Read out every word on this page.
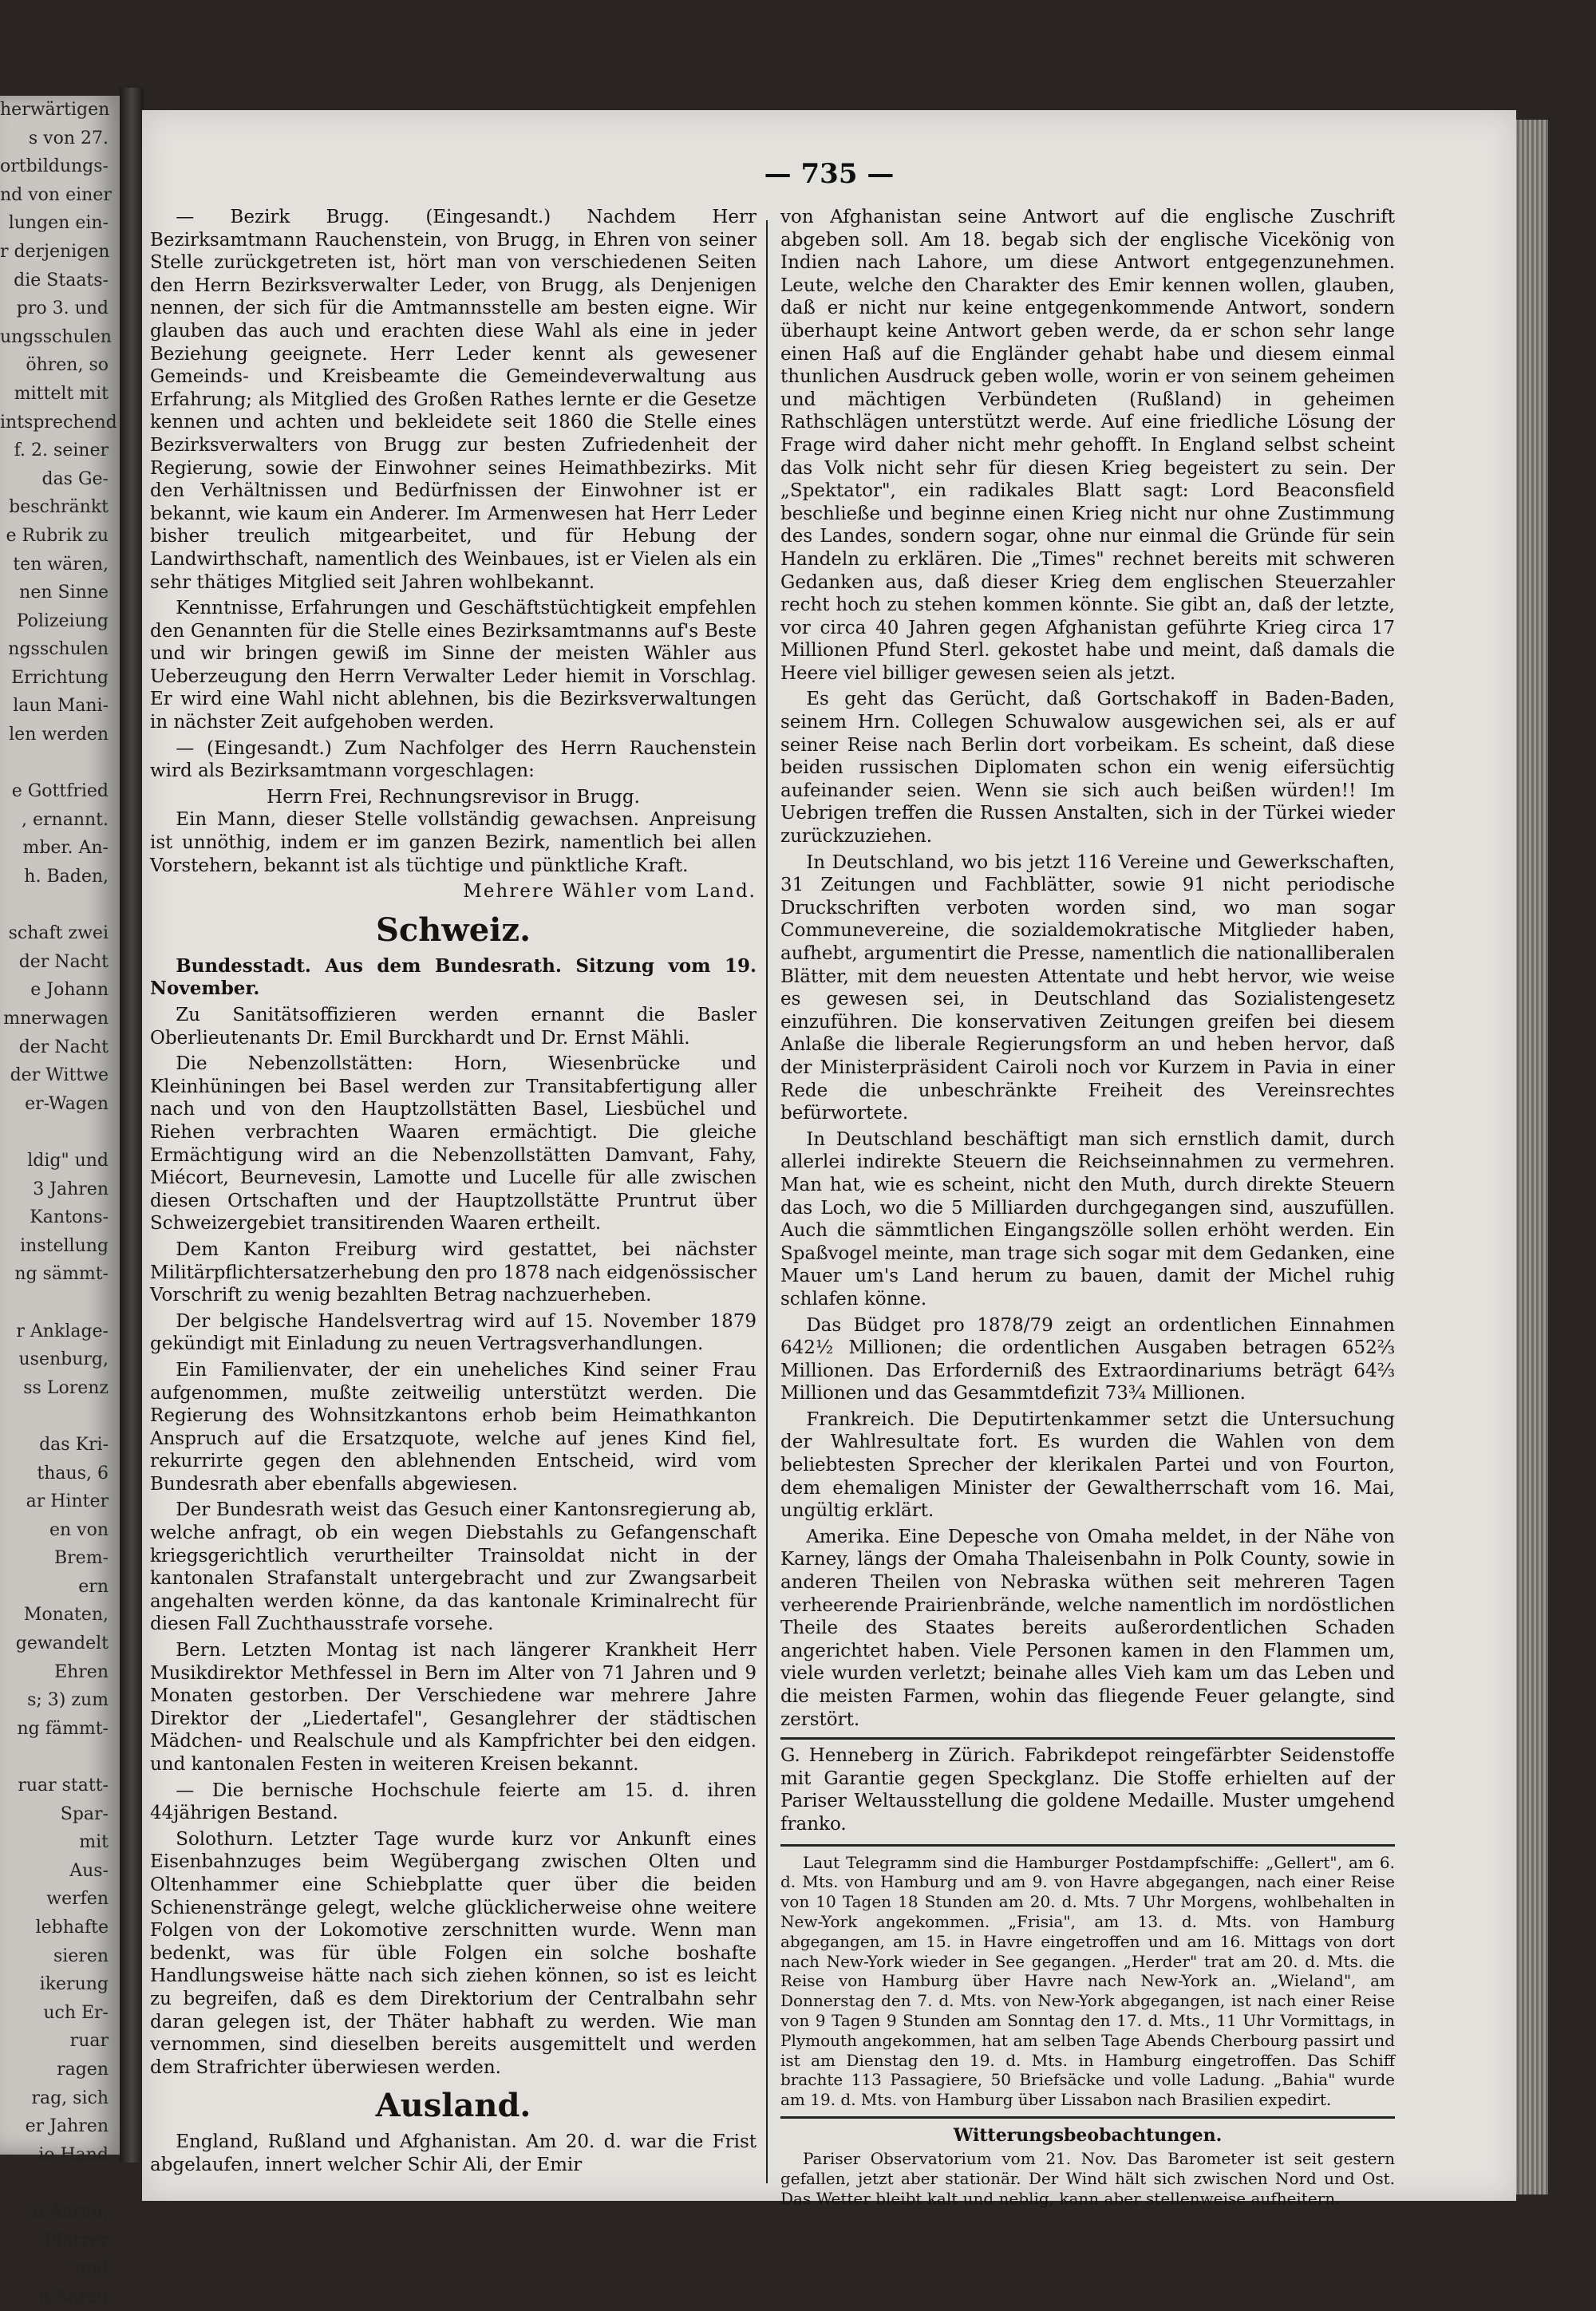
herwärtigen
s von 27.
ortbildungs-
nd von einer
lungen ein-
r derjenigen
die Staats-
pro 3. und
ungsschulen
öhren, so
mittelt mit
intsprechend
f. 2. seiner
das Ge-
beschränkt
e Rubrik zu
ten wären,
nen Sinne
Polizeiung
ngsschulen
Errichtung
laun Mani-
len werden

e Gottfried
, ernannt.
mber. An-
h. Baden,

schaft zwei
der Nacht
e Johann
mnerwagen
der Nacht
der Wittwe
er-Wagen

ldig" und
3 Jahren
Kantons-
instellung
ng sämmt-

r Anklage-
usenburg,
ss Lorenz

das Kri-
thaus, 6
ar Hinter
en von
Brem-
ern
Monaten,
gewandelt
Ehren
s; 3) zum
ng fämmt-

ruar statt-
Spar-
mit
Aus-
werfen
lebhafte
sieren
ikerung
uch Er-
ruar
ragen
rag, sich
er Jahren
ie Hand

n Aarau,
Pfarrer
und
n Aarau
— 735 —

— Bezirk Brugg. (Eingesandt.) Nachdem Herr Bezirksamtmann Rauchenstein, von Brugg, in Ehren von seiner Stelle zurückgetreten ist, hört man von verschiedenen Seiten den Herrn Bezirksverwalter Leder, von Brugg, als Denjenigen nennen, der sich für die Amtmannsstelle am besten eigne. Wir glauben das auch und erachten diese Wahl als eine in jeder Beziehung geeignete. Herr Leder kennt als gewesener Gemeinds- und Kreisbeamte die Gemeindeverwaltung aus Erfahrung; als Mitglied des Großen Rathes lernte er die Gesetze kennen und achten und bekleidete seit 1860 die Stelle eines Bezirksverwalters von Brugg zur besten Zufriedenheit der Regierung, sowie der Einwohner seines Heimathbezirks. Mit den Verhältnissen und Bedürfnissen der Einwohner ist er bekannt, wie kaum ein Anderer. Im Armenwesen hat Herr Leder bisher treulich mitgearbeitet, und für Hebung der Landwirthschaft, namentlich des Weinbaues, ist er Vielen als ein sehr thätiges Mitglied seit Jahren wohlbekannt.

Kenntnisse, Erfahrungen und Geschäftstüchtigkeit empfehlen den Genannten für die Stelle eines Bezirksamtmanns auf's Beste und wir bringen gewiß im Sinne der meisten Wähler aus Ueberzeugung den Herrn Verwalter Leder hiemit in Vorschlag. Er wird eine Wahl nicht ablehnen, bis die Bezirksverwaltungen in nächster Zeit aufgehoben werden.

— (Eingesandt.) Zum Nachfolger des Herrn Rauchenstein wird als Bezirksamtmann vorgeschlagen:

Herrn Frei, Rechnungsrevisor in Brugg.

Ein Mann, dieser Stelle vollständig gewachsen. Anpreisung ist unnöthig, indem er im ganzen Bezirk, namentlich bei allen Vorstehern, bekannt ist als tüchtige und pünktliche Kraft.

Mehrere Wähler vom Land.

Schweiz.

Bundesstadt. Aus dem Bundesrath. Sitzung vom 19. November.

Zu Sanitätsoffizieren werden ernannt die Basler Oberlieutenants Dr. Emil Burckhardt und Dr. Ernst Mähli.

Die Nebenzollstätten: Horn, Wiesenbrücke und Kleinhüningen bei Basel werden zur Transitabfertigung aller nach und von den Hauptzollstätten Basel, Liesbüchel und Riehen verbrachten Waaren ermächtigt. Die gleiche Ermächtigung wird an die Nebenzollstätten Damvant, Fahy, Miécort, Beurnevesin, Lamotte und Lucelle für alle zwischen diesen Ortschaften und der Hauptzollstätte Pruntrut über Schweizergebiet transitirenden Waaren ertheilt.

Dem Kanton Freiburg wird gestattet, bei nächster Militärpflichtersatzerhebung den pro 1878 nach eidgenössischer Vorschrift zu wenig bezahlten Betrag nachzuerheben.

Der belgische Handelsvertrag wird auf 15. November 1879 gekündigt mit Einladung zu neuen Vertragsverhandlungen.

Ein Familienvater, der ein uneheliches Kind seiner Frau aufgenommen, mußte zeitweilig unterstützt werden. Die Regierung des Wohnsitzkantons erhob beim Heimathkanton Anspruch auf die Ersatzquote, welche auf jenes Kind fiel, rekurrirte gegen den ablehnenden Entscheid, wird vom Bundesrath aber ebenfalls abgewiesen.

Der Bundesrath weist das Gesuch einer Kantonsregierung ab, welche anfragt, ob ein wegen Diebstahls zu Gefangenschaft kriegsgerichtlich verurtheilter Trainsoldat nicht in der kantonalen Strafanstalt untergebracht und zur Zwangsarbeit angehalten werden könne, da das kantonale Kriminalrecht für diesen Fall Zuchthausstrafe vorsehe.

Bern. Letzten Montag ist nach längerer Krankheit Herr Musikdirektor Methfessel in Bern im Alter von 71 Jahren und 9 Monaten gestorben. Der Verschiedene war mehrere Jahre Direktor der „Liedertafel", Gesanglehrer der städtischen Mädchen- und Realschule und als Kampfrichter bei den eidgen. und kantonalen Festen in weiteren Kreisen bekannt.

— Die bernische Hochschule feierte am 15. d. ihren 44jährigen Bestand.

Solothurn. Letzter Tage wurde kurz vor Ankunft eines Eisenbahnzuges beim Wegübergang zwischen Olten und Oltenhammer eine Schiebplatte quer über die beiden Schienenstränge gelegt, welche glücklicherweise ohne weitere Folgen von der Lokomotive zerschnitten wurde. Wenn man bedenkt, was für üble Folgen ein solche boshafte Handlungsweise hätte nach sich ziehen können, so ist es leicht zu begreifen, daß es dem Direktorium der Centralbahn sehr daran gelegen ist, der Thäter habhaft zu werden. Wie man vernommen, sind dieselben bereits ausgemittelt und werden dem Strafrichter überwiesen werden.

Ausland.

England, Rußland und Afghanistan. Am 20. d. war die Frist abgelaufen, innert welcher Schir Ali, der Emir

von Afghanistan seine Antwort auf die englische Zuschrift abgeben soll. Am 18. begab sich der englische Vicekönig von Indien nach Lahore, um diese Antwort entgegenzunehmen. Leute, welche den Charakter des Emir kennen wollen, glauben, daß er nicht nur keine entgegenkommende Antwort, sondern überhaupt keine Antwort geben werde, da er schon sehr lange einen Haß auf die Engländer gehabt habe und diesem einmal thunlichen Ausdruck geben wolle, worin er von seinem geheimen und mächtigen Verbündeten (Rußland) in geheimen Rathschlägen unterstützt werde. Auf eine friedliche Lösung der Frage wird daher nicht mehr gehofft. In England selbst scheint das Volk nicht sehr für diesen Krieg begeistert zu sein. Der „Spektator", ein radikales Blatt sagt: Lord Beaconsfield beschließe und beginne einen Krieg nicht nur ohne Zustimmung des Landes, sondern sogar, ohne nur einmal die Gründe für sein Handeln zu erklären. Die „Times" rechnet bereits mit schweren Gedanken aus, daß dieser Krieg dem englischen Steuerzahler recht hoch zu stehen kommen könnte. Sie gibt an, daß der letzte, vor circa 40 Jahren gegen Afghanistan geführte Krieg circa 17 Millionen Pfund Sterl. gekostet habe und meint, daß damals die Heere viel billiger gewesen seien als jetzt.

Es geht das Gerücht, daß Gortschakoff in Baden-Baden, seinem Hrn. Collegen Schuwalow ausgewichen sei, als er auf seiner Reise nach Berlin dort vorbeikam. Es scheint, daß diese beiden russischen Diplomaten schon ein wenig eifersüchtig aufeinander seien. Wenn sie sich auch beißen würden!! Im Uebrigen treffen die Russen Anstalten, sich in der Türkei wieder zurückzuziehen.

In Deutschland, wo bis jetzt 116 Vereine und Gewerkschaften, 31 Zeitungen und Fachblätter, sowie 91 nicht periodische Druckschriften verboten worden sind, wo man sogar Communevereine, die sozialdemokratische Mitglieder haben, aufhebt, argumentirt die Presse, namentlich die nationalliberalen Blätter, mit dem neuesten Attentate und hebt hervor, wie weise es gewesen sei, in Deutschland das Sozialistengesetz einzuführen. Die konservativen Zeitungen greifen bei diesem Anlaße die liberale Regierungsform an und heben hervor, daß der Ministerpräsident Cairoli noch vor Kurzem in Pavia in einer Rede die unbeschränkte Freiheit des Vereinsrechtes befürwortete.

In Deutschland beschäftigt man sich ernstlich damit, durch allerlei indirekte Steuern die Reichseinnahmen zu vermehren. Man hat, wie es scheint, nicht den Muth, durch direkte Steuern das Loch, wo die 5 Milliarden durchgegangen sind, auszufüllen. Auch die sämmtlichen Eingangszölle sollen erhöht werden. Ein Spaßvogel meinte, man trage sich sogar mit dem Gedanken, eine Mauer um's Land herum zu bauen, damit der Michel ruhig schlafen könne.

Das Büdget pro 1878/79 zeigt an ordentlichen Einnahmen 642½ Millionen; die ordentlichen Ausgaben betragen 652⅔ Millionen. Das Erforderniß des Extraordinariums beträgt 64⅔ Millionen und das Gesammtdefizit 73¾ Millionen.

Frankreich. Die Deputirtenkammer setzt die Untersuchung der Wahlresultate fort. Es wurden die Wahlen von dem beliebtesten Sprecher der klerikalen Partei und von Fourton, dem ehemaligen Minister der Gewaltherrschaft vom 16. Mai, ungültig erklärt.

Amerika. Eine Depesche von Omaha meldet, in der Nähe von Karney, längs der Omaha Thaleisenbahn in Polk County, sowie in anderen Theilen von Nebraska wüthen seit mehreren Tagen verheerende Prairienbrände, welche namentlich im nordöstlichen Theile des Staates bereits außerordentlichen Schaden angerichtet haben. Viele Personen kamen in den Flammen um, viele wurden verletzt; beinahe alles Vieh kam um das Leben und die meisten Farmen, wohin das fliegende Feuer gelangte, sind zerstört.

G. Henneberg in Zürich. Fabrikdepot reingefärbter Seidenstoffe mit Garantie gegen Speckglanz. Die Stoffe erhielten auf der Pariser Weltausstellung die goldene Medaille. Muster umgehend franko.

Laut Telegramm sind die Hamburger Postdampfschiffe: „Gellert", am 6. d. Mts. von Hamburg und am 9. von Havre abgegangen, nach einer Reise von 10 Tagen 18 Stunden am 20. d. Mts. 7 Uhr Morgens, wohlbehalten in New-York angekommen. „Frisia", am 13. d. Mts. von Hamburg abgegangen, am 15. in Havre eingetroffen und am 16. Mittags von dort nach New-York wieder in See gegangen. „Herder" trat am 20. d. Mts. die Reise von Hamburg über Havre nach New-York an. „Wieland", am Donnerstag den 7. d. Mts. von New-York abgegangen, ist nach einer Reise von 9 Tagen 9 Stunden am Sonntag den 17. d. Mts., 11 Uhr Vormittags, in Plymouth angekommen, hat am selben Tage Abends Cherbourg passirt und ist am Dienstag den 19. d. Mts. in Hamburg eingetroffen. Das Schiff brachte 113 Passagiere, 50 Briefsäcke und volle Ladung. „Bahia" wurde am 19. d. Mts. von Hamburg über Lissabon nach Brasilien expedirt.

Witterungsbeobachtungen.

Pariser Observatorium vom 21. Nov. Das Barometer ist seit gestern gefallen, jetzt aber stationär. Der Wind hält sich zwischen Nord und Ost. Das Wetter bleibt kalt und neblig, kann aber stellenweise aufheitern.
